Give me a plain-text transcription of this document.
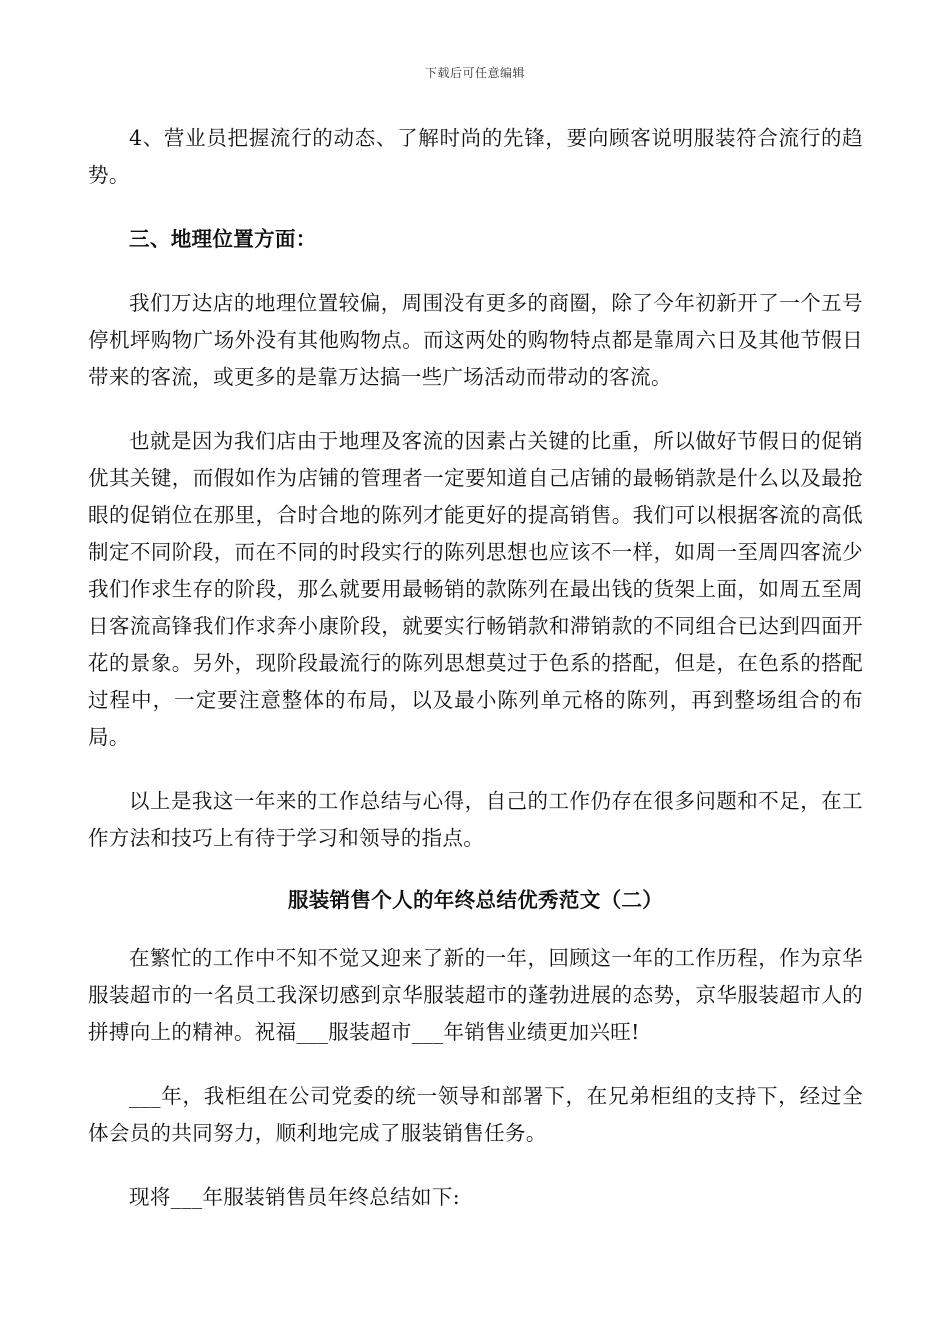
下载后可任意编辑

4、营业员把握流行的动态、了解时尚的先锋，要向顾客说明服装符合流行的趋势。

三、地理位置方面：

我们万达店的地理位置较偏，周围没有更多的商圈，除了今年初新开了一个五号停机坪购物广场外没有其他购物点。而这两处的购物特点都是靠周六日及其他节假日带来的客流，或更多的是靠万达搞一些广场活动而带动的客流。

也就是因为我们店由于地理及客流的因素占关键的比重，所以做好节假日的促销优其关键，而假如作为店铺的管理者一定要知道自己店铺的最畅销款是什么以及最抢眼的促销位在那里，合时合地的陈列才能更好的提高销售。我们可以根据客流的高低制定不同阶段，而在不同的时段实行的陈列思想也应该不一样，如周一至周四客流少我们作求生存的阶段，那么就要用最畅销的款陈列在最出钱的货架上面，如周五至周日客流高锋我们作求奔小康阶段，就要实行畅销款和滞销款的不同组合已达到四面开花的景象。另外，现阶段最流行的陈列思想莫过于色系的搭配，但是，在色系的搭配过程中，一定要注意整体的布局，以及最小陈列单元格的陈列，再到整场组合的布局。

以上是我这一年来的工作总结与心得，自己的工作仍存在很多问题和不足，在工作方法和技巧上有待于学习和领导的指点。

服装销售个人的年终总结优秀范文（二）

在繁忙的工作中不知不觉又迎来了新的一年，回顾这一年的工作历程，作为京华服装超市的一名员工我深切感到京华服装超市的蓬勃进展的态势，京华服装超市人的拼搏向上的精神。祝福___服装超市___年销售业绩更加兴旺!

___年，我柜组在公司党委的统一领导和部署下，在兄弟柜组的支持下，经过全体会员的共同努力，顺利地完成了服装销售任务。

现将___年服装销售员年终总结如下:
